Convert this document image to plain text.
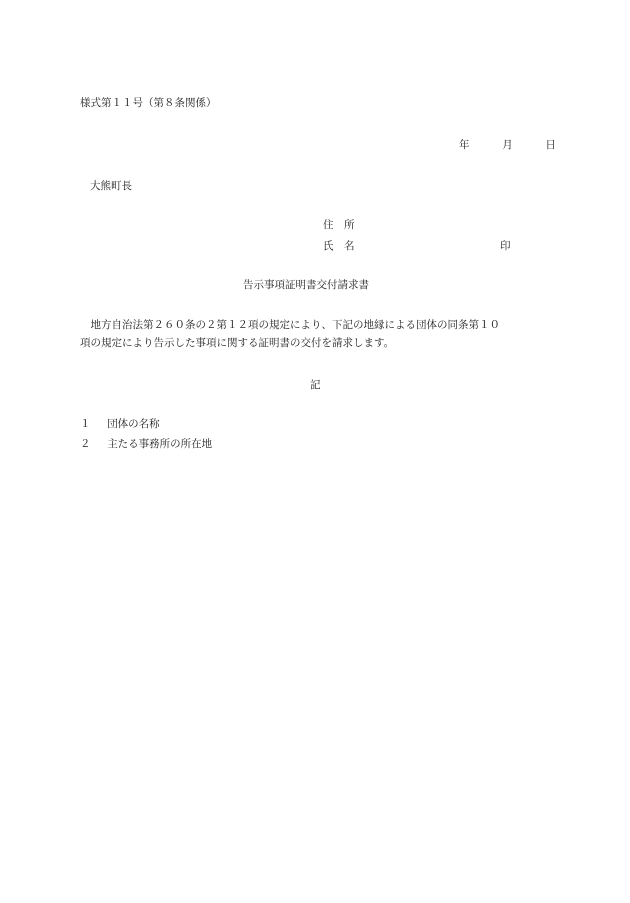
様式第１１号（第８条関係）
年	月	日
大熊町長
住　所
氏　名	印
告示事項証明書交付請求書
　地方自治法第２６０条の２第１２項の規定により、下記の地縁による団体の同条第１０
項の規定により告示した事項に関する証明書の交付を請求します。
記
１ 団体の名称
２ 主たる事務所の所在地
